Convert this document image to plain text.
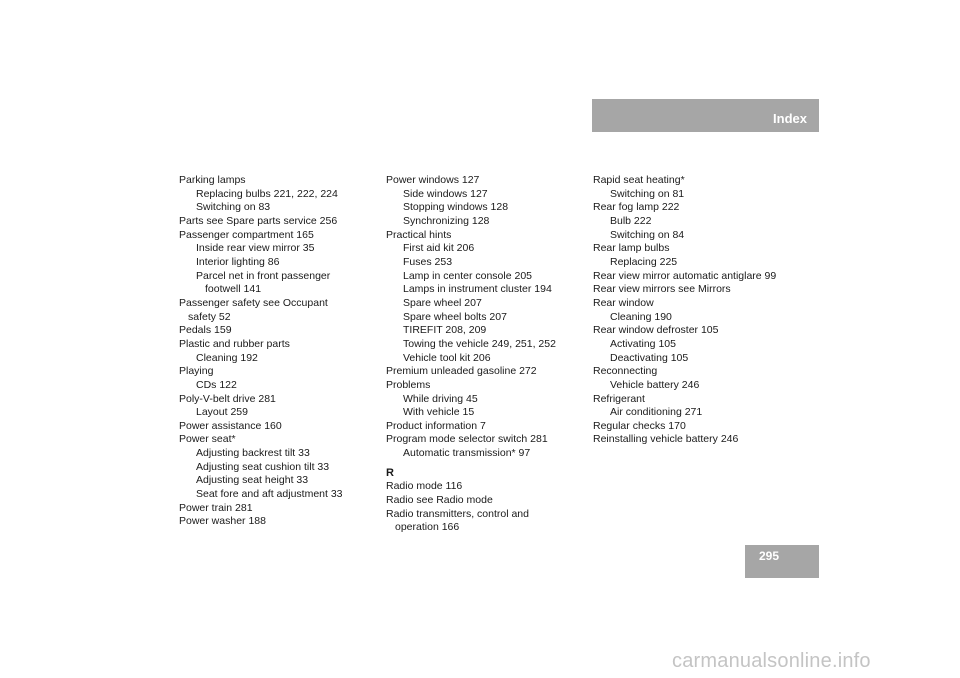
Index
Parking lamps
Replacing bulbs 221, 222, 224
Switching on 83
Parts see Spare parts service 256
Passenger compartment 165
Inside rear view mirror 35
Interior lighting 86
Parcel net in front passenger
footwell 141
Passenger safety see Occupant
safety 52
Pedals 159
Plastic and rubber parts
Cleaning 192
Playing
CDs 122
Poly-V-belt drive 281
Layout 259
Power assistance 160
Power seat*
Adjusting backrest tilt 33
Adjusting seat cushion tilt 33
Adjusting seat height 33
Seat fore and aft adjustment 33
Power train 281
Power washer 188
Power windows 127
Side windows 127
Stopping windows 128
Synchronizing 128
Practical hints
First aid kit 206
Fuses 253
Lamp in center console 205
Lamps in instrument cluster 194
Spare wheel 207
Spare wheel bolts 207
TIREFIT 208, 209
Towing the vehicle 249, 251, 252
Vehicle tool kit 206
Premium unleaded gasoline 272
Problems
While driving 45
With vehicle 15
Product information 7
Program mode selector switch 281
Automatic transmission* 97
R
Radio mode 116
Radio see Radio mode
Radio transmitters, control and
operation 166
Rapid seat heating*
Switching on 81
Rear fog lamp 222
Bulb 222
Switching on 84
Rear lamp bulbs
Replacing 225
Rear view mirror automatic antiglare 99
Rear view mirrors see Mirrors
Rear window
Cleaning 190
Rear window defroster 105
Activating 105
Deactivating 105
Reconnecting
Vehicle battery 246
Refrigerant
Air conditioning 271
Regular checks 170
Reinstalling vehicle battery 246
295
carmanualsonline.info
